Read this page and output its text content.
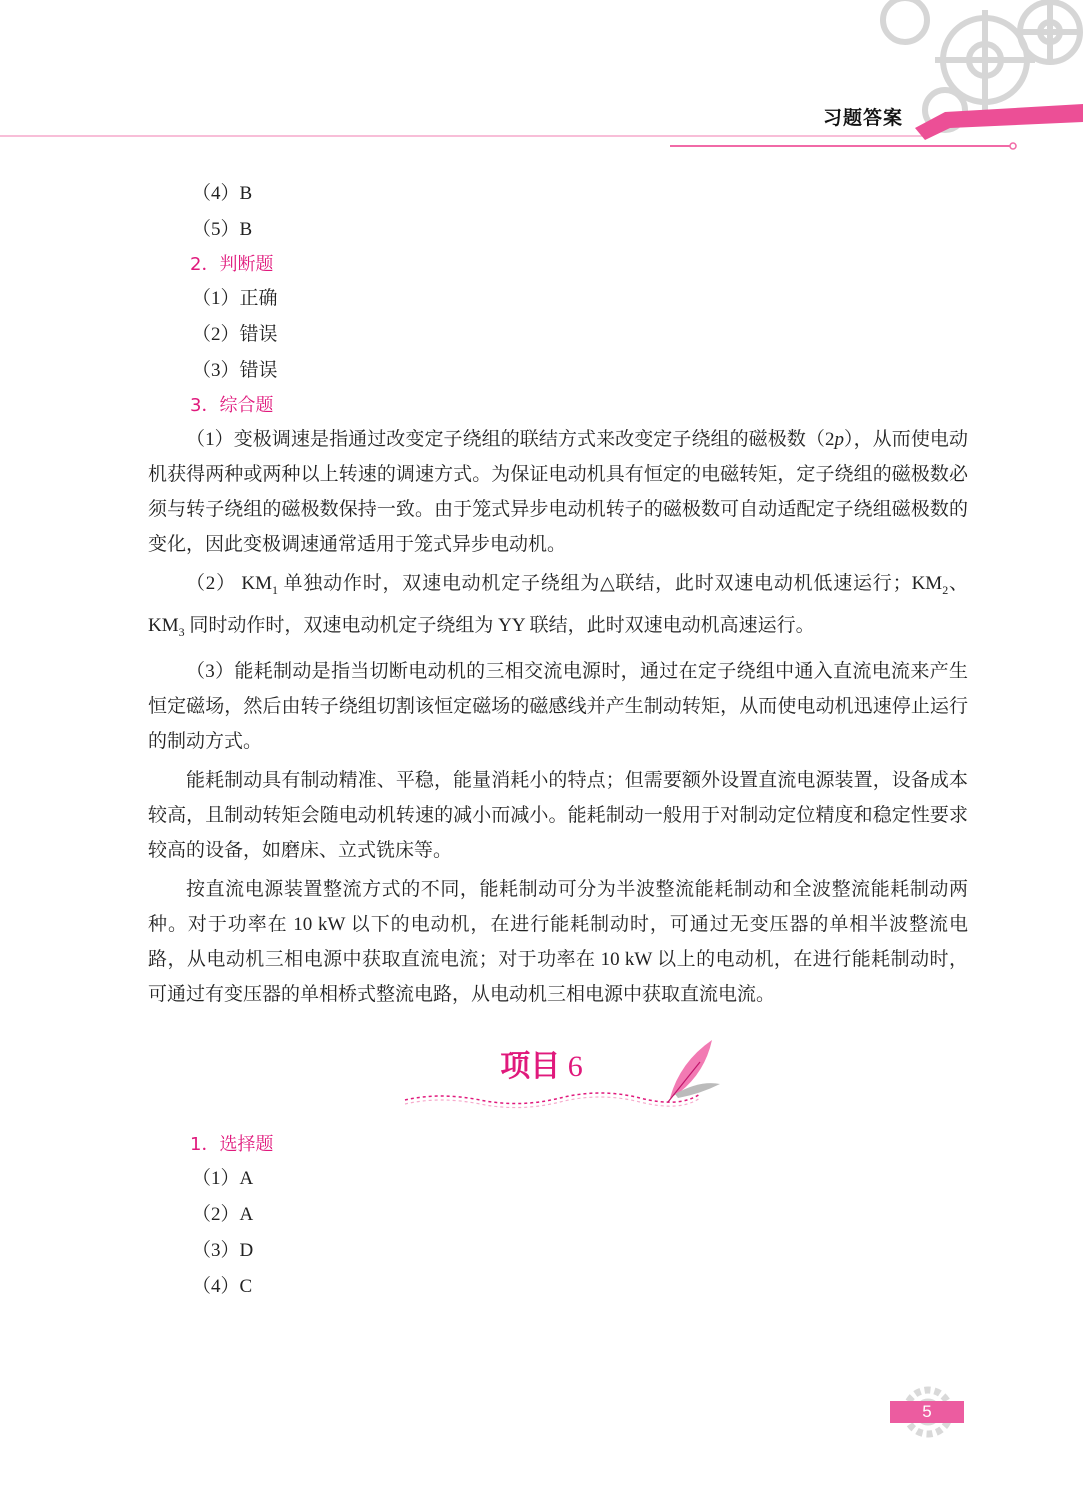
习题答案
（4）B
（5）B
2．判断题
（1）正确
（2）错误
（3）错误
3．综合题

（1）变极调速是指通过改变定子绕组的联结方式来改变定子绕组的磁极数（2p），从而使电动机获得两种或两种以上转速的调速方式。为保证电动机具有恒定的电磁转矩，定子绕组的磁极数必须与转子绕组的磁极数保持一致。由于笼式异步电动机转子的磁极数可自动适配定子绕组磁极数的变化，因此变极调速通常适用于笼式异步电动机。

（2） $KM_1$ 单独动作时，双速电动机定子绕组为△联结，此时双速电动机低速运行；$KM_2$、 $KM_3$ 同时动作时，双速电动机定子绕组为 YY 联结，此时双速电动机高速运行。

（3）能耗制动是指当切断电动机的三相交流电源时，通过在定子绕组中通入直流电流来产生恒定磁场，然后由转子绕组切割该恒定磁场的磁感线并产生制动转矩，从而使电动机迅速停止运行的制动方式。

能耗制动具有制动精准、平稳，能量消耗小的特点；但需要额外设置直流电源装置，设备成本较高，且制动转矩会随电动机转速的减小而减小。能耗制动一般用于对制动定位精度和稳定性要求较高的设备，如磨床、立式铣床等。

按直流电源装置整流方式的不同，能耗制动可分为半波整流能耗制动和全波整流能耗制动两种。对于功率在 10 kW 以下的电动机，在进行能耗制动时，可通过无变压器的单相半波整流电路，从电动机三相电源中获取直流电流；对于功率在 10 kW 以上的电动机，在进行能耗制动时，可通过有变压器的单相桥式整流电路，从电动机三相电源中获取直流电流。

项目 6
1．选择题
（1）A
（2）A
（3）D
（4）C
5
